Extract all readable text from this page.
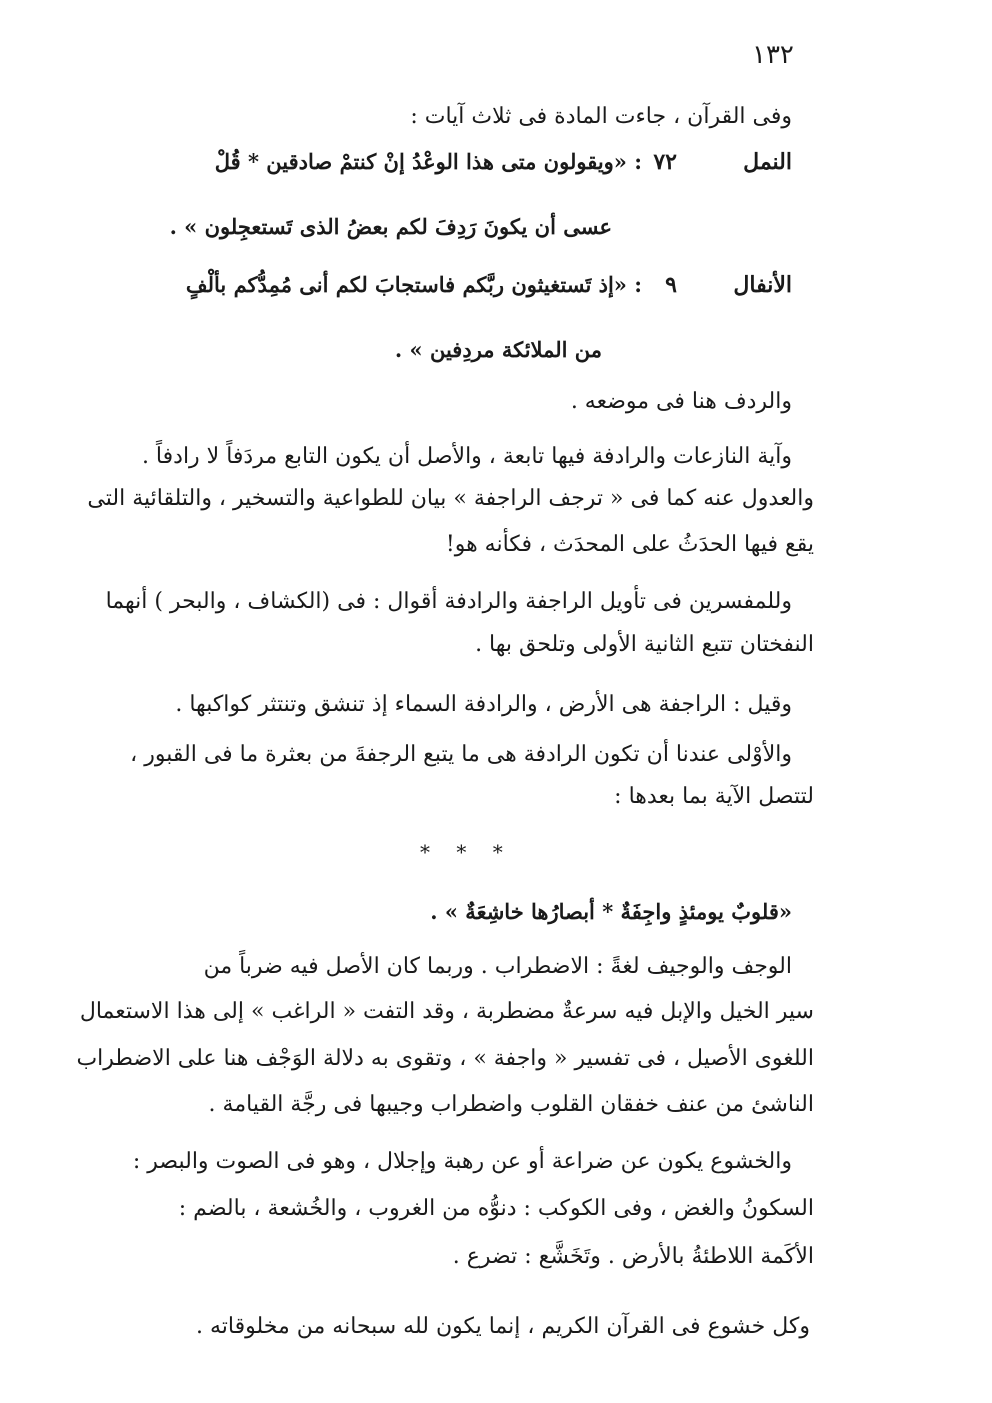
١٣٢
وفى القرآن ، جاءت المادة فى ثلاث آيات :
النمل
٧٢
: «ويقولون متى هذا الوعْدُ إنْ كنتمْ صادقين * قُلْ
عسى أن يكونَ رَدِفَ لكم بعضُ الذى تَستعجِلون » .
الأنفال
٩
: «إذ تَستغيثون ربَّكم فاستجابَ لكم أنى مُمِدُّكم بألْفٍ
من الملائكة مردِفين » .
والردف هنا فى موضعه .
وآية النازعات والرادفة فيها تابعة ، والأصل أن يكون التابع مردَفاً لا رادفاً .
والعدول عنه كما فى « ترجف الراجفة » بيان للطواعية والتسخير ، والتلقائية التى
يقع فيها الحدَثُ على المحدَث ، فكأنه هو!
وللمفسرين فى تأويل الراجفة والرادفة أقوال : فى (الكشاف ، والبحر ) أنهما
النفختان تتبع الثانية الأولى وتلحق بها .
وقيل : الراجفة هى الأرض ، والرادفة السماء إذ تنشق وتنتثر كواكبها .
والأوْلى عندنا أن تكون الرادفة هى ما يتبع الرجفةَ من بعثرة ما فى القبور ،
لتتصل الآية بما بعدها :
* * *
«قلوبٌ يومئذٍ واجِفَةٌ * أبصارُها خاشِعَةٌ » .
الوجف والوجيف لغةً : الاضطراب . وربما كان الأصل فيه ضرباً من
سير الخيل والإبل فيه سرعةٌ مضطربة ، وقد التفت « الراغب » إلى هذا الاستعمال
اللغوى الأصيل ، فى تفسير « واجفة » ، وتقوى به دلالة الوَجْف هنا على الاضطراب
الناشئ من عنف خفقان القلوب واضطراب وجيبها فى رجَّة القيامة .
والخشوع يكون عن ضراعة أو عن رهبة وإجلال ، وهو فى الصوت والبصر :
السكونُ والغض ، وفى الكوكب : دنوُّه من الغروب ، والخُشعة ، بالضم :
الأكَمة اللاطئةُ بالأرض . وتَخَشَّع : تضرع .
وكل خشوع فى القرآن الكريم ، إنما يكون لله سبحانه من مخلوقاته .
